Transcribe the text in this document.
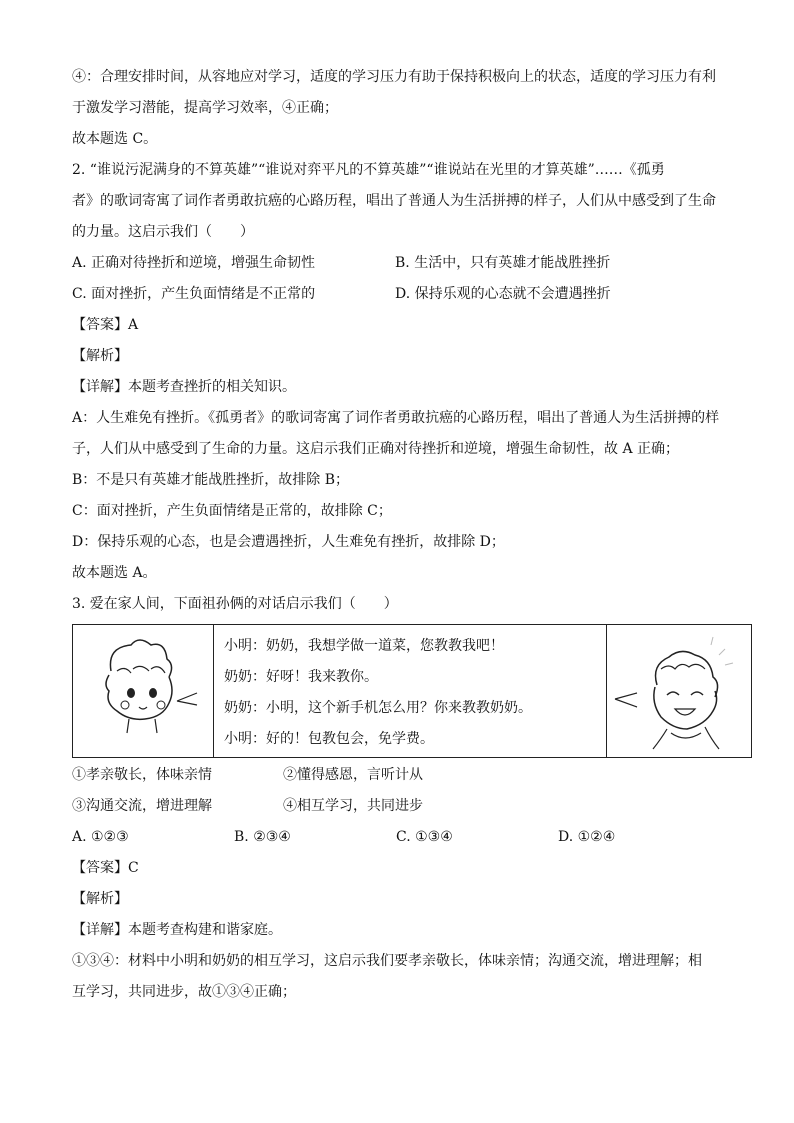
④：合理安排时间，从容地应对学习，适度的学习压力有助于保持积极向上的状态，适度的学习压力有利
于激发学习潜能，提高学习效率，④正确；
故本题选 C。
2. “谁说污泥满身的不算英雄”“谁说对弈平凡的不算英雄”“谁说站在光里的才算英雄”……《孤勇
者》的歌词寄寓了词作者勇敢抗癌的心路历程，唱出了普通人为生活拼搏的样子，人们从中感受到了生命
的力量。这启示我们（　　）
A. 正确对待挫折和逆境，增强生命韧性	B. 生活中，只有英雄才能战胜挫折
C. 面对挫折，产生负面情绪是不正常的	D. 保持乐观的心态就不会遭遇挫折
【答案】A
【解析】
【详解】本题考查挫折的相关知识。
A：人生难免有挫折。《孤勇者》的歌词寄寓了词作者勇敢抗癌的心路历程，唱出了普通人为生活拼搏的样
子，人们从中感受到了生命的力量。这启示我们正确对待挫折和逆境，增强生命韧性，故 A 正确；
B：不是只有英雄才能战胜挫折，故排除 B；
C：面对挫折，产生负面情绪是正常的，故排除 C；
D：保持乐观的心态，也是会遭遇挫折，人生难免有挫折，故排除 D；
故本题选 A。
3. 爱在家人间，下面祖孙俩的对话启示我们（　　）
小明：奶奶，我想学做一道菜，您教教我吧！
奶奶：好呀！我来教你。
奶奶：小明，这个新手机怎么用？你来教教奶奶。
小明：好的！包教包会，免学费。
①孝亲敬长，体味亲情	②懂得感恩，言听计从
③沟通交流，增进理解	④相互学习，共同进步
A. ①②③	B. ②③④	C. ①③④	D. ①②④
【答案】C
【解析】
【详解】本题考查构建和谐家庭。
①③④：材料中小明和奶奶的相互学习，这启示我们要孝亲敬长，体味亲情；沟通交流，增进理解；相
互学习，共同进步，故①③④正确；
